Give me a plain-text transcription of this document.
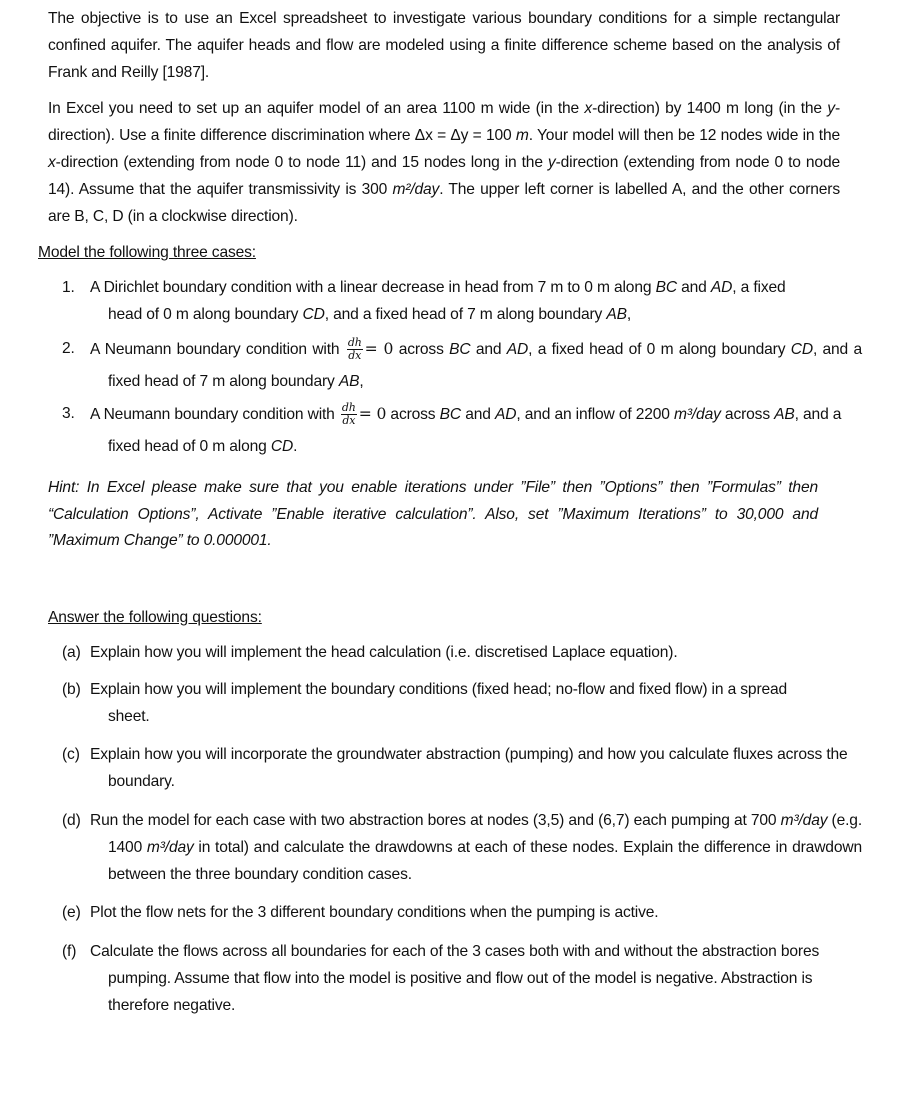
The objective is to use an Excel spreadsheet to investigate various boundary conditions for a simple rectangular confined aquifer. The aquifer heads and flow are modeled using a finite difference scheme based on the analysis of Frank and Reilly [1987].

In Excel you need to set up an aquifer model of an area 1100 m wide (in the x-direction) by 1400 m long (in the y-direction). Use a finite difference discrimination where Δx = Δy = 100 m. Your model will then be 12 nodes wide in the x-direction (extending from node 0 to node 11) and 15 nodes long in the y-direction (extending from node 0 to node 14). Assume that the aquifer transmissivity is 300 m²/day. The upper left corner is labelled A, and the other corners are B, C, D (in a clockwise direction).

Model the following three cases:
1. A Dirichlet boundary condition with a linear decrease in head from 7 m to 0 m along BC and AD, a fixed head of 0 m along boundary CD, and a fixed head of 7 m along boundary AB,
2. A Neumann boundary condition with $\frac{dh}{dx} = 0$ across BC and AD, a fixed head of 0 m along boundary CD, and a fixed head of 7 m along boundary AB,
3. A Neumann boundary condition with $\frac{dh}{dx} = 0$ across BC and AD, and an inflow of 2200 m³/day across AB, and a fixed head of 0 m along CD.

Hint: In Excel please make sure that you enable iterations under ”File” then ”Options” then ”Formulas” then “Calculation Options”, Activate ”Enable iterative calculation”. Also, set ”Maximum Iterations” to 30,000 and ”Maximum Change” to 0.000001.

Answer the following questions:
(a) Explain how you will implement the head calculation (i.e. discretised Laplace equation).
(b) Explain how you will implement the boundary conditions (fixed head; no-flow and fixed flow) in a spread sheet.
(c) Explain how you will incorporate the groundwater abstraction (pumping) and how you calculate fluxes across the boundary.
(d) Run the model for each case with two abstraction bores at nodes (3,5) and (6,7) each pumping at 700 m³/day (e.g. 1400 m³/day in total) and calculate the drawdowns at each of these nodes. Explain the difference in drawdown between the three boundary condition cases.
(e) Plot the flow nets for the 3 different boundary conditions when the pumping is active.
(f) Calculate the flows across all boundaries for each of the 3 cases both with and without the abstraction bores pumping. Assume that flow into the model is positive and flow out of the model is negative. Abstraction is therefore negative.
